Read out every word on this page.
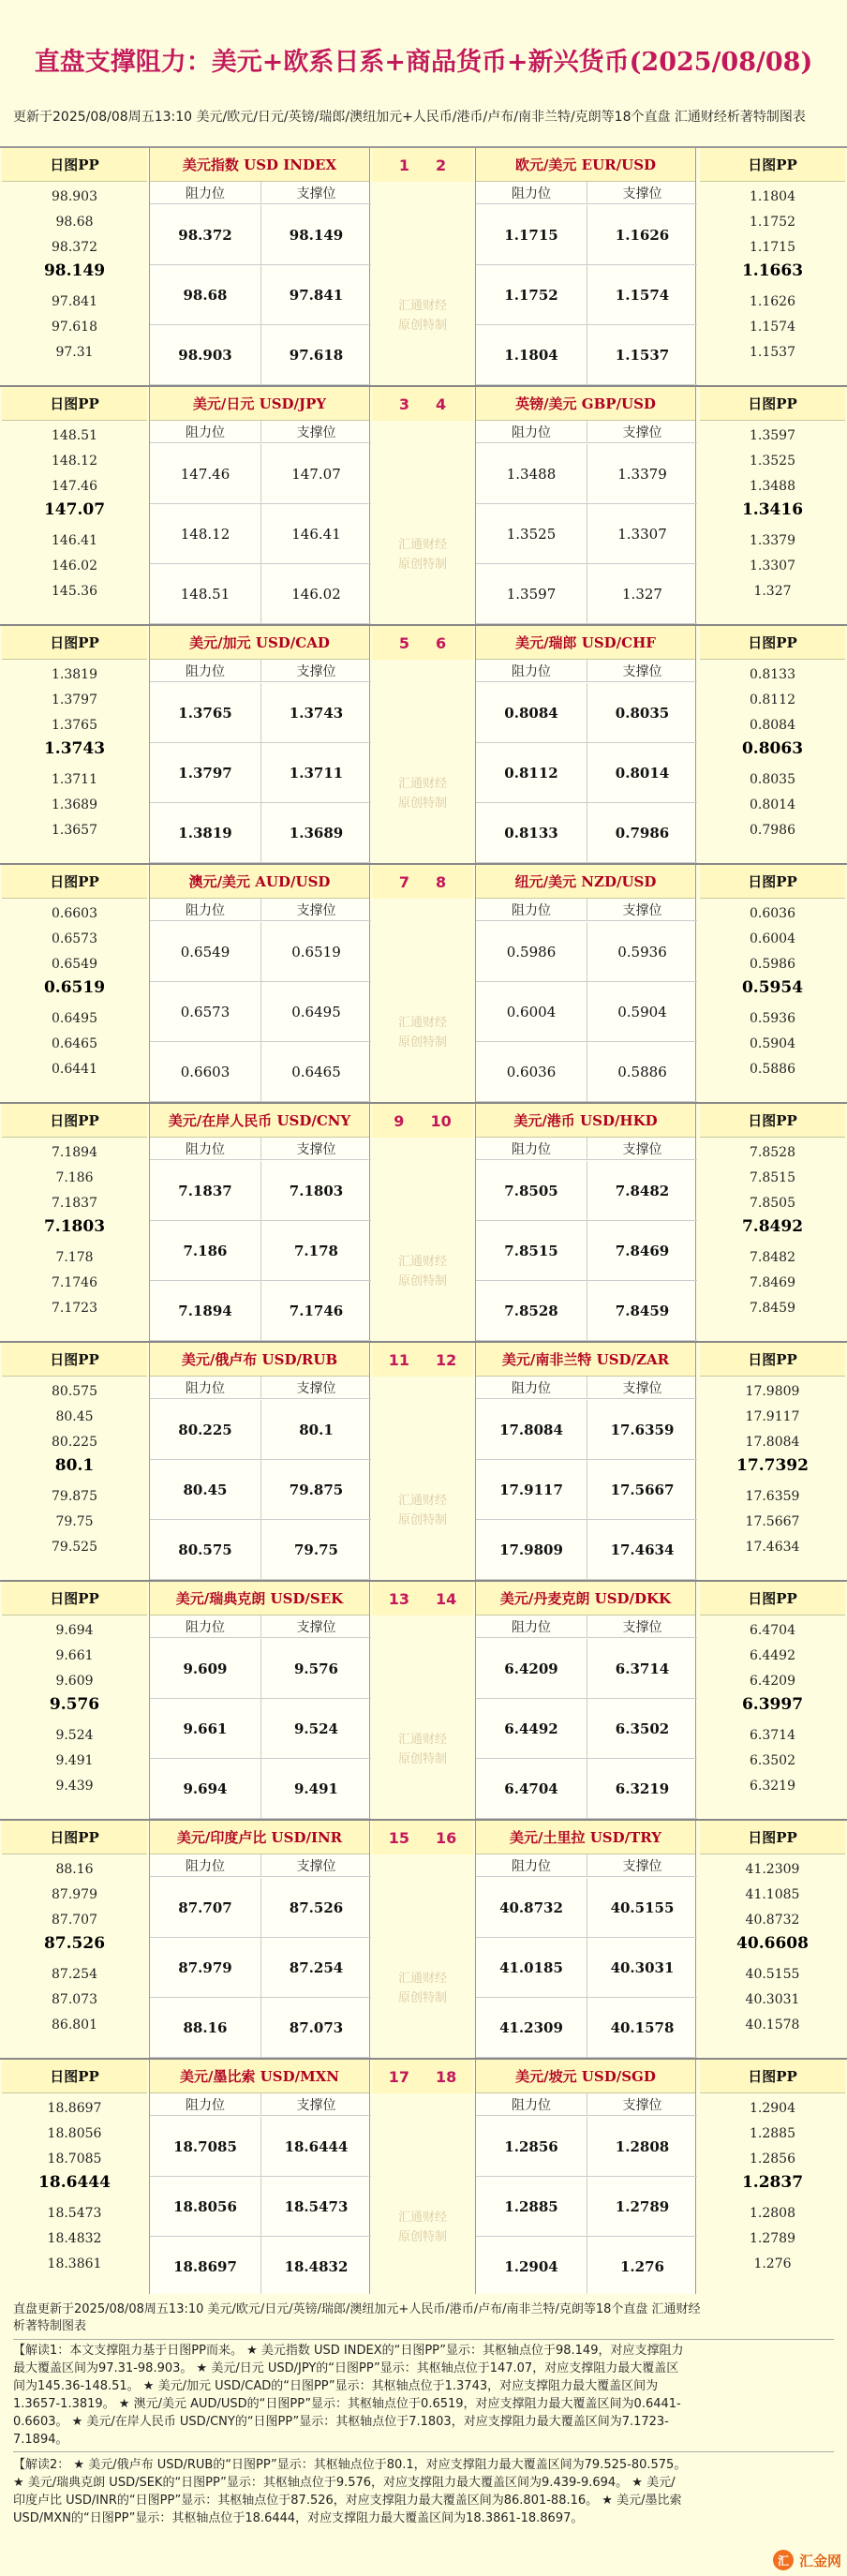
直盘支撑阻力：美元+欧系日系+商品货币+新兴货币(2025/08/08)
更新于2025/08/08周五13:10 美元/欧元/日元/英镑/瑞郎/澳纽加元+人民币/港币/卢布/南非兰特/克朗等18个直盘 汇通财经析著特制图表
日图PP
98.903
98.68
98.372
98.149
97.841
97.618
97.31
美元指数 USD INDEX
阻力位	支撑位
98.372	98.149
98.68	97.841
98.903	97.618
1 2
汇通财经
原创特制
欧元/美元 EUR/USD
阻力位	支撑位
1.1715	1.1626
1.1752	1.1574
1.1804	1.1537
日图PP
1.1804
1.1752
1.1715
1.1663
1.1626
1.1574
1.1537
日图PP
148.51
148.12
147.46
147.07
146.41
146.02
145.36
美元/日元 USD/JPY
阻力位	支撑位
147.46	147.07
148.12	146.41
148.51	146.02
3 4
汇通财经
原创特制
英镑/美元 GBP/USD
阻力位	支撑位
1.3488	1.3379
1.3525	1.3307
1.3597	1.327
日图PP
1.3597
1.3525
1.3488
1.3416
1.3379
1.3307
1.327
日图PP
1.3819
1.3797
1.3765
1.3743
1.3711
1.3689
1.3657
美元/加元 USD/CAD
阻力位	支撑位
1.3765	1.3743
1.3797	1.3711
1.3819	1.3689
5 6
汇通财经
原创特制
美元/瑞郎 USD/CHF
阻力位	支撑位
0.8084	0.8035
0.8112	0.8014
0.8133	0.7986
日图PP
0.8133
0.8112
0.8084
0.8063
0.8035
0.8014
0.7986
日图PP
0.6603
0.6573
0.6549
0.6519
0.6495
0.6465
0.6441
澳元/美元 AUD/USD
阻力位	支撑位
0.6549	0.6519
0.6573	0.6495
0.6603	0.6465
7 8
汇通财经
原创特制
纽元/美元 NZD/USD
阻力位	支撑位
0.5986	0.5936
0.6004	0.5904
0.6036	0.5886
日图PP
0.6036
0.6004
0.5986
0.5954
0.5936
0.5904
0.5886
日图PP
7.1894
7.186
7.1837
7.1803
7.178
7.1746
7.1723
美元/在岸人民币 USD/CNY
阻力位	支撑位
7.1837	7.1803
7.186	7.178
7.1894	7.1746
9 10
汇通财经
原创特制
美元/港币 USD/HKD
阻力位	支撑位
7.8505	7.8482
7.8515	7.8469
7.8528	7.8459
日图PP
7.8528
7.8515
7.8505
7.8492
7.8482
7.8469
7.8459
日图PP
80.575
80.45
80.225
80.1
79.875
79.75
79.525
美元/俄卢布 USD/RUB
阻力位	支撑位
80.225	80.1
80.45	79.875
80.575	79.75
11 12
汇通财经
原创特制
美元/南非兰特 USD/ZAR
阻力位	支撑位
17.8084	17.6359
17.9117	17.5667
17.9809	17.4634
日图PP
17.9809
17.9117
17.8084
17.7392
17.6359
17.5667
17.4634
日图PP
9.694
9.661
9.609
9.576
9.524
9.491
9.439
美元/瑞典克朗 USD/SEK
阻力位	支撑位
9.609	9.576
9.661	9.524
9.694	9.491
13 14
汇通财经
原创特制
美元/丹麦克朗 USD/DKK
阻力位	支撑位
6.4209	6.3714
6.4492	6.3502
6.4704	6.3219
日图PP
6.4704
6.4492
6.4209
6.3997
6.3714
6.3502
6.3219
日图PP
88.16
87.979
87.707
87.526
87.254
87.073
86.801
美元/印度卢比 USD/INR
阻力位	支撑位
87.707	87.526
87.979	87.254
88.16	87.073
15 16
汇通财经
原创特制
美元/土里拉 USD/TRY
阻力位	支撑位
40.8732	40.5155
41.0185	40.3031
41.2309	40.1578
日图PP
41.2309
41.1085
40.8732
40.6608
40.5155
40.3031
40.1578
日图PP
18.8697
18.8056
18.7085
18.6444
18.5473
18.4832
18.3861
美元/墨比索 USD/MXN
阻力位	支撑位
18.7085	18.6444
18.8056	18.5473
18.8697	18.4832
17 18
汇通财经
原创特制
美元/坡元 USD/SGD
阻力位	支撑位
1.2856	1.2808
1.2885	1.2789
1.2904	1.276
日图PP
1.2904
1.2885
1.2856
1.2837
1.2808
1.2789
1.276
直盘更新于2025/08/08周五13:10 美元/欧元/日元/英镑/瑞郎/澳纽加元+人民币/港币/卢布/南非兰特/克朗等18个直盘 汇通财经
析著特制图表
【解读1：本文支撑阻力基于日图PP而来。 ★ 美元指数 USD INDEX的“日图PP”显示：其枢轴点位于98.149，对应支撑阻力
最大覆盖区间为97.31-98.903。 ★ 美元/日元 USD/JPY的“日图PP”显示：其枢轴点位于147.07，对应支撑阻力最大覆盖区
间为145.36-148.51。 ★ 美元/加元 USD/CAD的“日图PP”显示：其枢轴点位于1.3743，对应支撑阻力最大覆盖区间为
1.3657-1.3819。 ★ 澳元/美元 AUD/USD的“日图PP”显示：其枢轴点位于0.6519，对应支撑阻力最大覆盖区间为0.6441-
0.6603。 ★ 美元/在岸人民币 USD/CNY的“日图PP”显示：其枢轴点位于7.1803，对应支撑阻力最大覆盖区间为7.1723-
7.1894。
【解读2： ★ 美元/俄卢布 USD/RUB的“日图PP”显示：其枢轴点位于80.1，对应支撑阻力最大覆盖区间为79.525-80.575。
★ 美元/瑞典克朗 USD/SEK的“日图PP”显示：其枢轴点位于9.576，对应支撑阻力最大覆盖区间为9.439-9.694。 ★ 美元/
印度卢比 USD/INR的“日图PP”显示：其枢轴点位于87.526，对应支撑阻力最大覆盖区间为86.801-88.16。 ★ 美元/墨比索
USD/MXN的“日图PP”显示：其枢轴点位于18.6444，对应支撑阻力最大覆盖区间为18.3861-18.8697。
汇 汇金网
